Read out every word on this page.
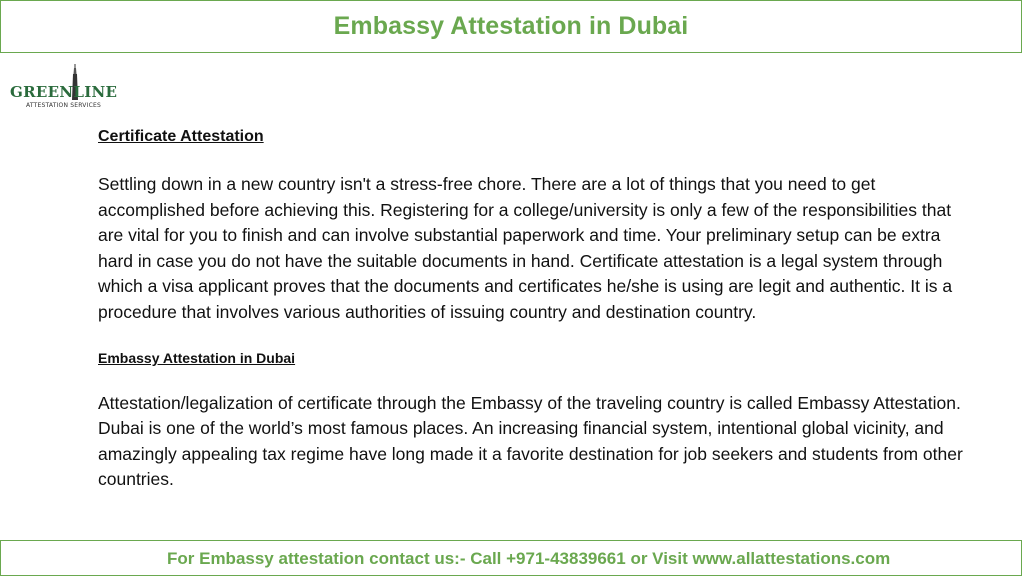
Embassy Attestation in Dubai
GREENLINE
ATTESTATION SERVICES

Certificate Attestation

Settling down in a new country isn't a stress-free chore. There are a lot of things that you need to get accomplished before achieving this. Registering for a college/university is only a few of the responsibilities that are vital for you to finish and can involve substantial paperwork and time. Your preliminary setup can be extra hard in case you do not have the suitable documents in hand. Certificate attestation is a legal system through which a visa applicant proves that the documents and certificates he/she is using are legit and authentic. It is a procedure that involves various authorities of issuing country and destination country.

Embassy Attestation in Dubai

Attestation/legalization of certificate through the Embassy of the traveling country is called Embassy Attestation. Dubai is one of the world’s most famous places. An increasing financial system, intentional global vicinity, and amazingly appealing tax regime have long made it a favorite destination for job seekers and students from other countries.

For Embassy attestation contact us:- Call +971-43839661 or Visit www.allattestations.com
